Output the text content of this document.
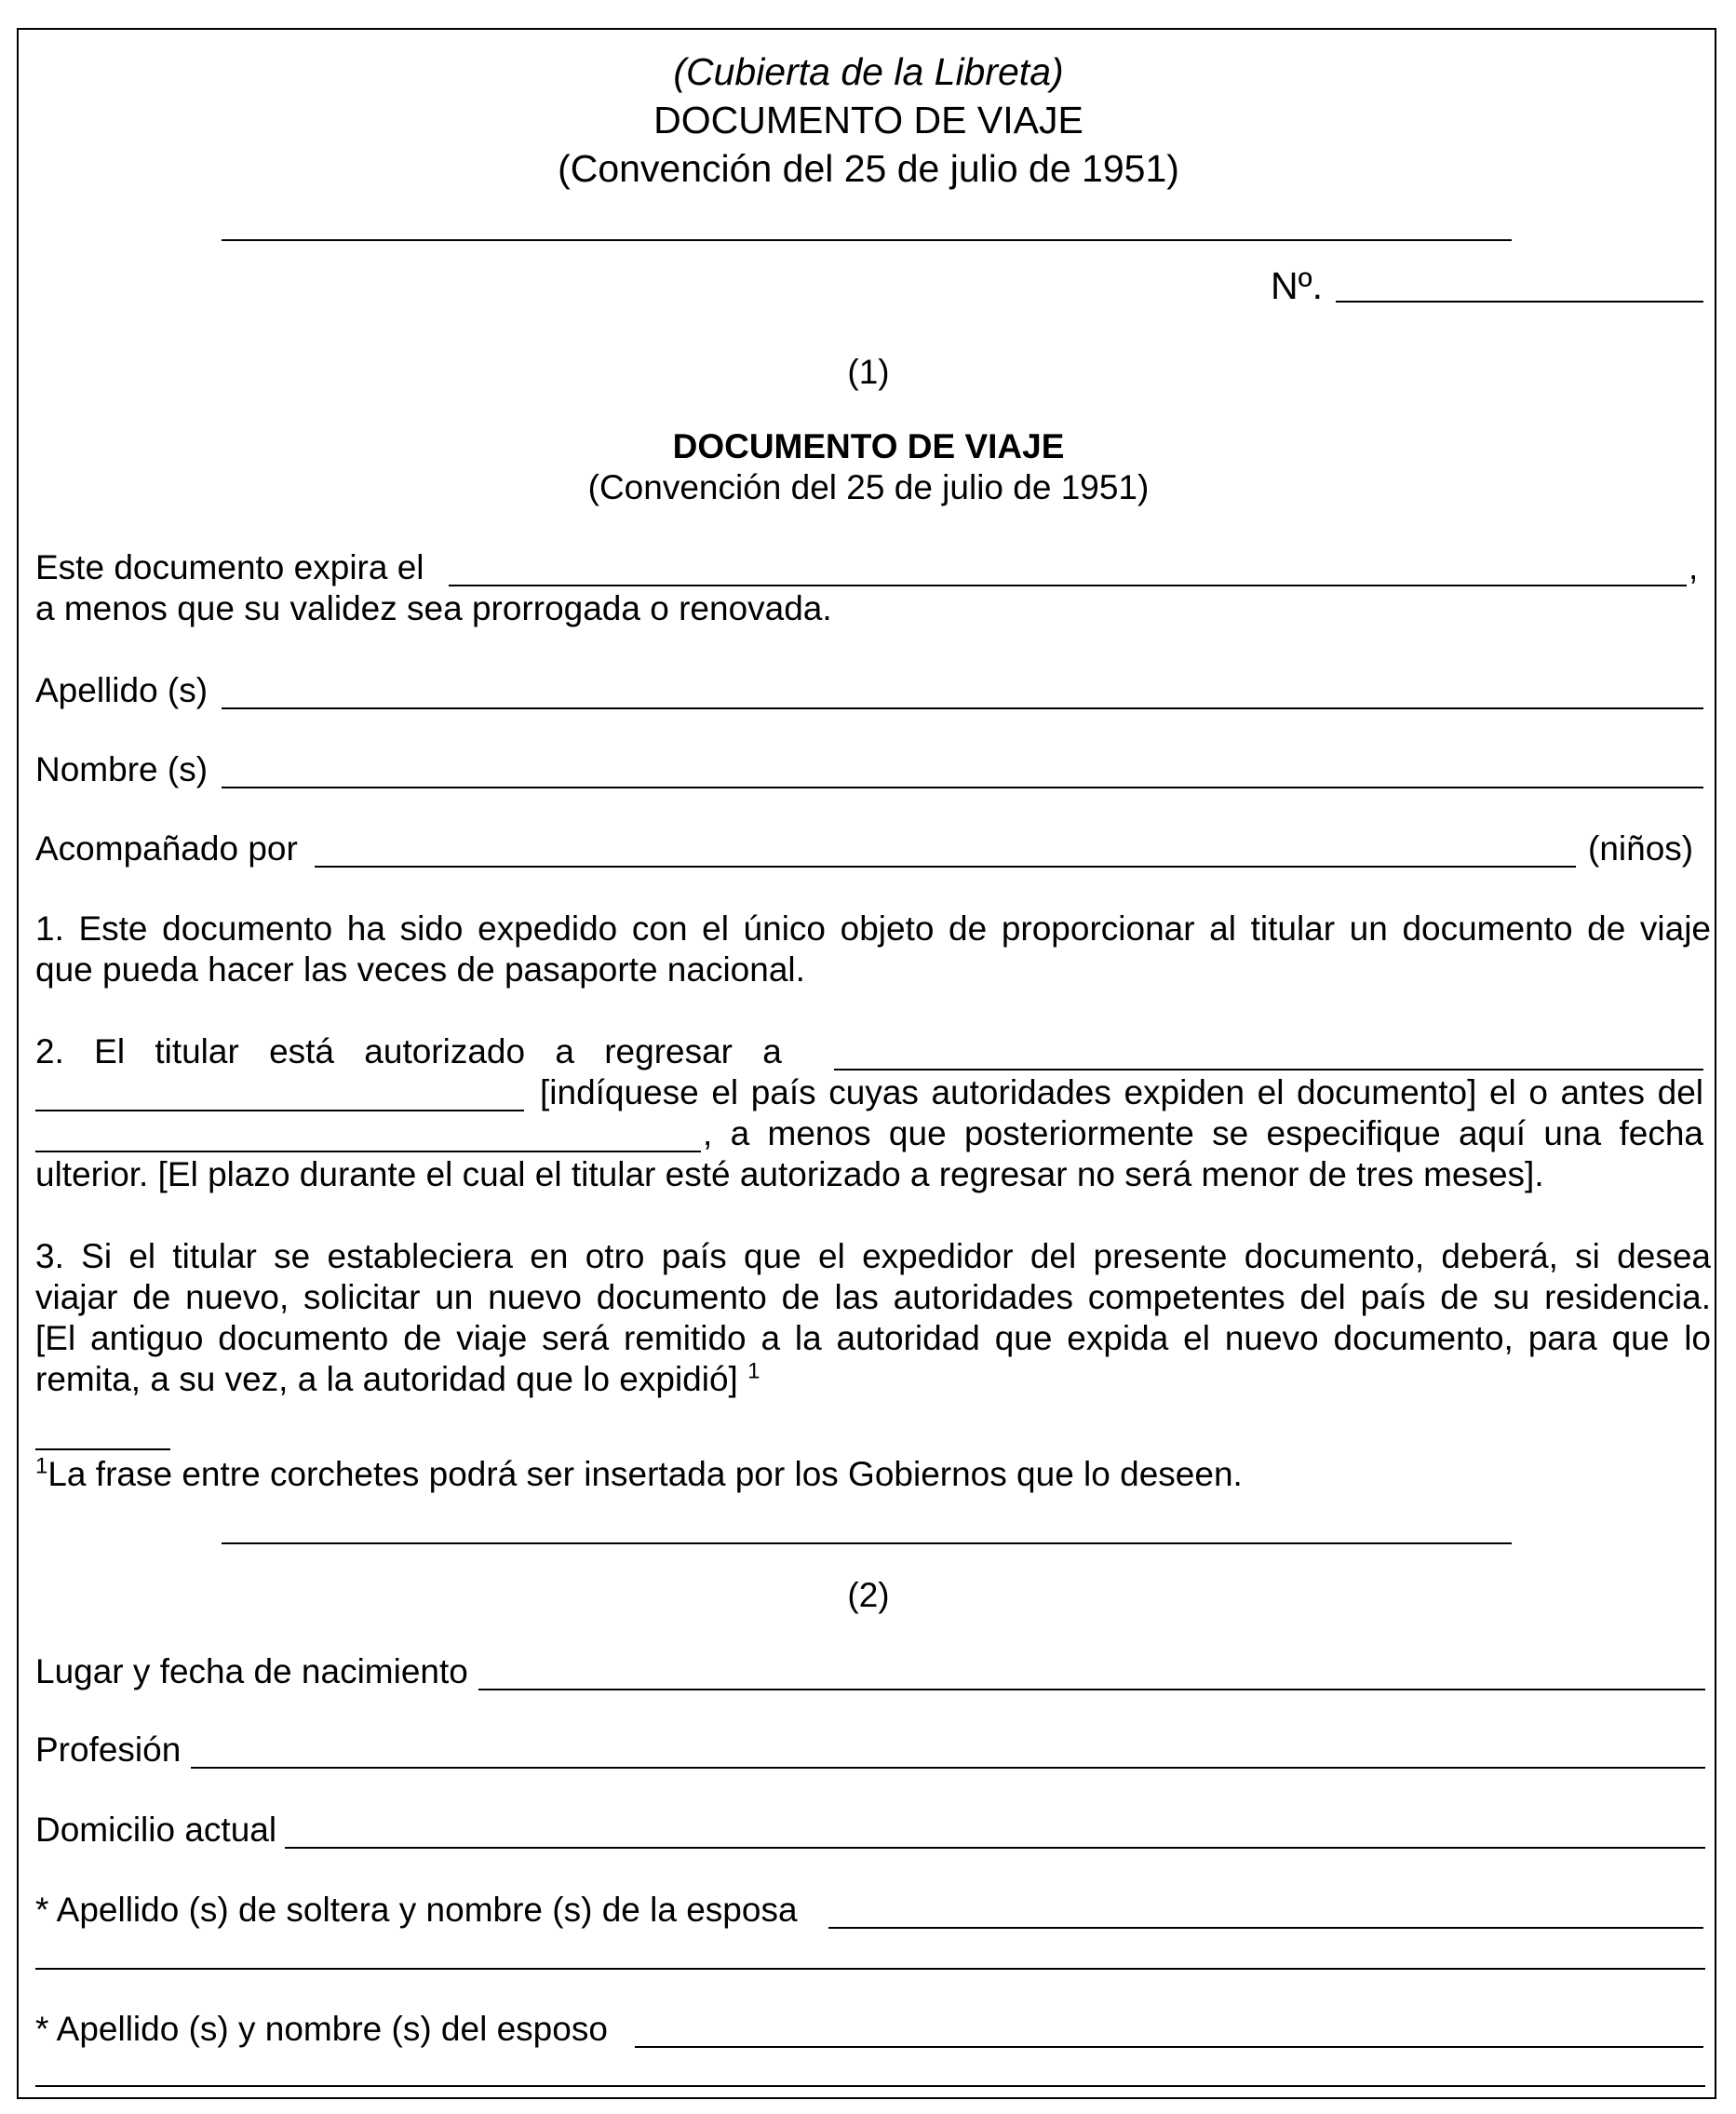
(Cubierta de la Libreta)
DOCUMENTO DE VIAJE
(Convención del 25 de julio de 1951)
Nº.
(1)
DOCUMENTO DE VIAJE
(Convención del 25 de julio de 1951)
Este documento expira el	,
a menos que su validez sea prorrogada o renovada.
Apellido (s)
Nombre (s)
Acompañado por	(niños)
1. Este documento ha sido expedido con el único objeto de proporcionar al titular un documento de viaje
que pueda hacer las veces de pasaporte nacional.
2. El titular está autorizado a regresar a
[indíquese el país cuyas autoridades expiden el documento] el o antes del
, a menos que posteriormente se especifique aquí una fecha
ulterior. [El plazo durante el cual el titular esté autorizado a regresar no será menor de tres meses].
3. Si el titular se estableciera en otro país que el expedidor del presente documento, deberá, si desea
viajar de nuevo, solicitar un nuevo documento de las autoridades competentes del país de su residencia.
[El antiguo documento de viaje será remitido a la autoridad que expida el nuevo documento, para que lo
remita, a su vez, a la autoridad que lo expidió] $^1$
$^1$La frase entre corchetes podrá ser insertada por los Gobiernos que lo deseen.
(2)
Lugar y fecha de nacimiento
Profesión
Domicilio actual
* Apellido (s) de soltera y nombre (s) de la esposa
* Apellido (s) y nombre (s) del esposo
